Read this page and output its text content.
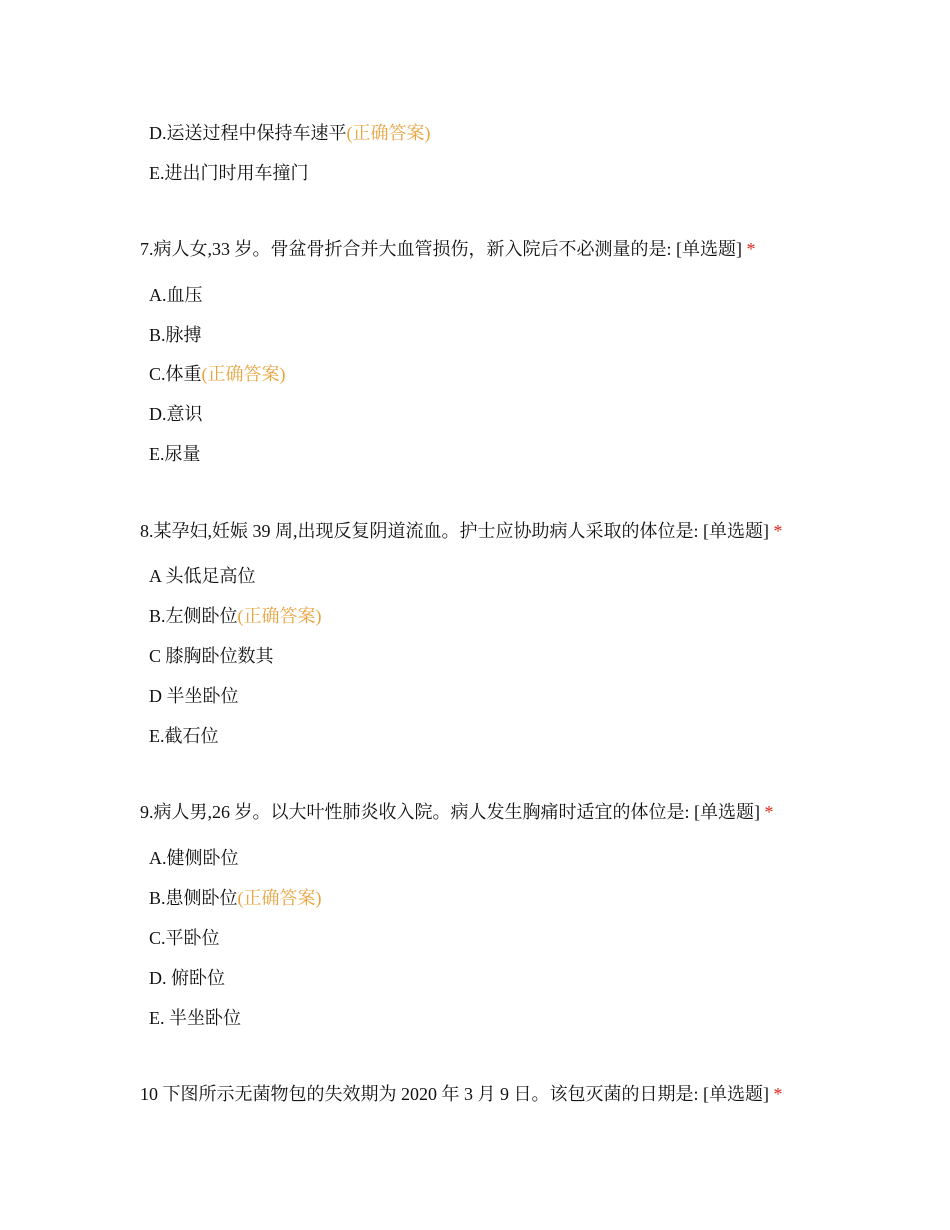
D.运送过程中保持车速平(正确答案)
E.进出门时用车撞门
7.病人女,33 岁。骨盆骨折合并大血管损伤，新入院后不必测量的是: [单选题] *
A.血压
B.脉搏
C.体重(正确答案)
D.意识
E.尿量
8.某孕妇,妊娠 39 周,出现反复阴道流血。护士应协助病人采取的体位是: [单选题] *
A 头低足高位
B.左侧卧位(正确答案)
C 膝胸卧位数其
D 半坐卧位
E.截石位
9.病人男,26 岁。以大叶性肺炎收入院。病人发生胸痛时适宜的体位是: [单选题] *
A.健侧卧位
B.患侧卧位(正确答案)
C.平卧位
D. 俯卧位
E. 半坐卧位
10 下图所示无菌物包的失效期为 2020 年 3 月 9 日。该包灭菌的日期是: [单选题] *
